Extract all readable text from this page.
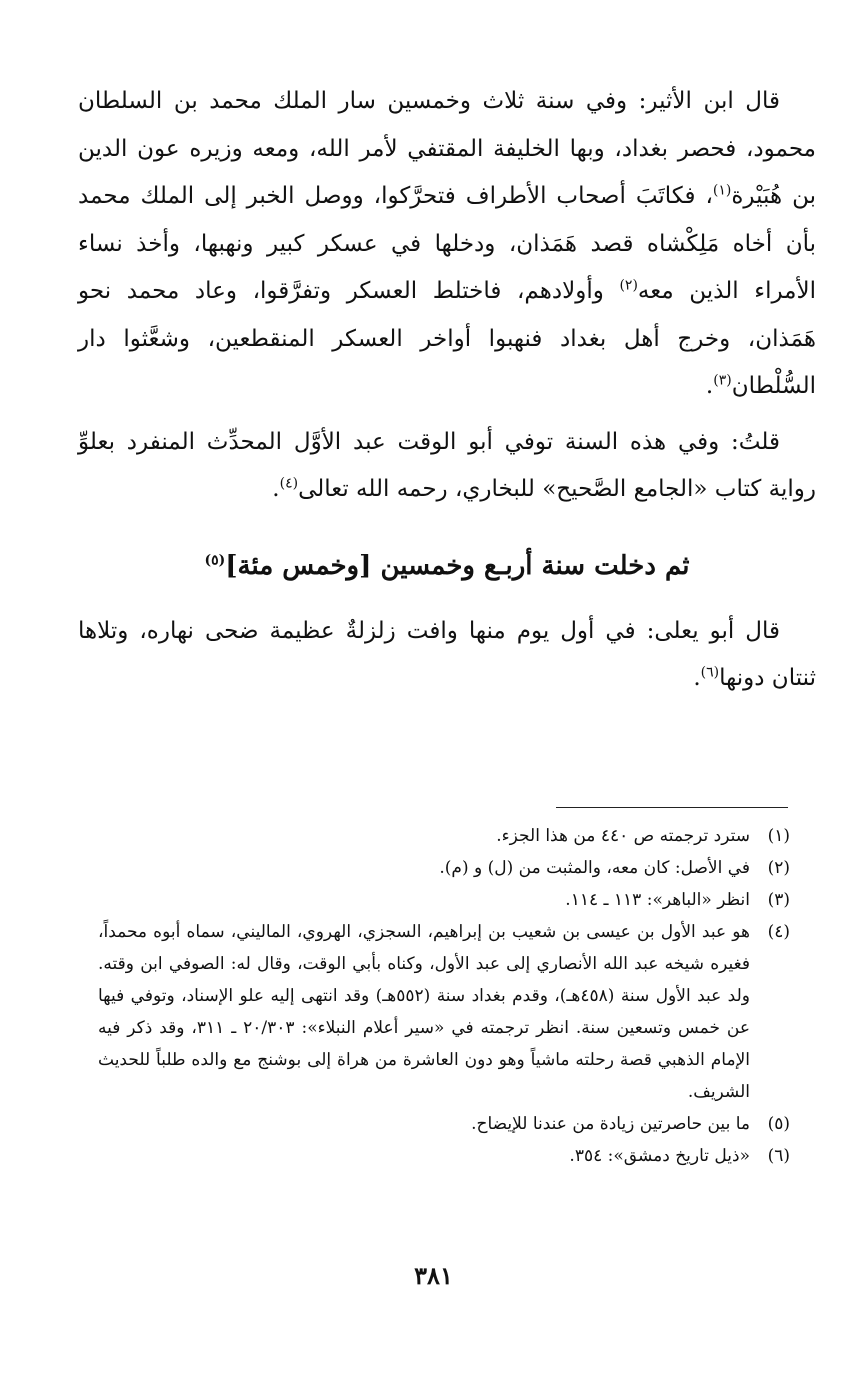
قال ابن الأثير: وفي سنة ثلاث وخمسين سار الملك محمد بن السلطان محمود، فحصر بغداد، وبها الخليفة المقتفي لأمر الله، ومعه وزيره عون الدين بن هُبَيْرة$^{(١)}$، فكاتَبَ أصحاب الأطراف فتحرَّكوا، ووصل الخبر إلى الملك محمد بأن أخاه مَلِكْشاه قصد هَمَذان، ودخلها في عسكر كبير ونهبها، وأخذ نساء الأمراء الذين معه$^{(٢)}$ وأولادهم، فاختلط العسكر وتفرَّقوا، وعاد محمد نحو هَمَذان، وخرج أهل بغداد فنهبوا أواخر العسكر المنقطعين، وشعَّثوا دار السُّلْطان$^{(٣)}$.

قلتُ: وفي هذه السنة توفي أبو الوقت عبد الأوَّل المحدِّث المنفرد بعلوِّ رواية كتاب «الجامع الصَّحيح» للبخاري، رحمه الله تعالى$^{(٤)}$.

ثم دخلت سنة أربـع وخمسين [وخمس مئة]$^{(٥)}$

قال أبو يعلى: في أول يوم منها وافت زلزلةٌ عظيمة ضحى نهاره، وتلاها ثنتان دونها$^{(٦)}$.

(١)
سترد ترجمته ص ٤٤٠ من هذا الجزء.
(٢)
في الأصل: كان معه، والمثبت من (ل) و (م).
(٣)
انظر «الباهر»: ١١٣ ـ ١١٤.
(٤)
هو عبد الأول بن عيسى بن شعيب بن إبراهيم، السجزي، الهروي، الماليني، سماه أبوه محمداً، فغيره شيخه عبد الله الأنصاري إلى عبد الأول، وكناه بأبي الوقت، وقال له: الصوفي ابن وقته. ولد عبد الأول سنة (٤٥٨هـ)، وقدم بغداد سنة (٥٥٢هـ) وقد انتهى إليه علو الإسناد، وتوفي فيها عن خمس وتسعين سنة. انظر ترجمته في «سير أعلام النبلاء»: ٢٠/٣٠٣ ـ ٣١١، وقد ذكر فيه الإمام الذهبي قصة رحلته ماشياً وهو دون العاشرة من هراة إلى بوشنج مع والده طلباً للحديث الشريف.
(٥)
ما بين حاصرتين زيادة من عندنا للإيضاح.
(٦)
«ذيل تاريخ دمشق»: ٣٥٤.
٣٨١
